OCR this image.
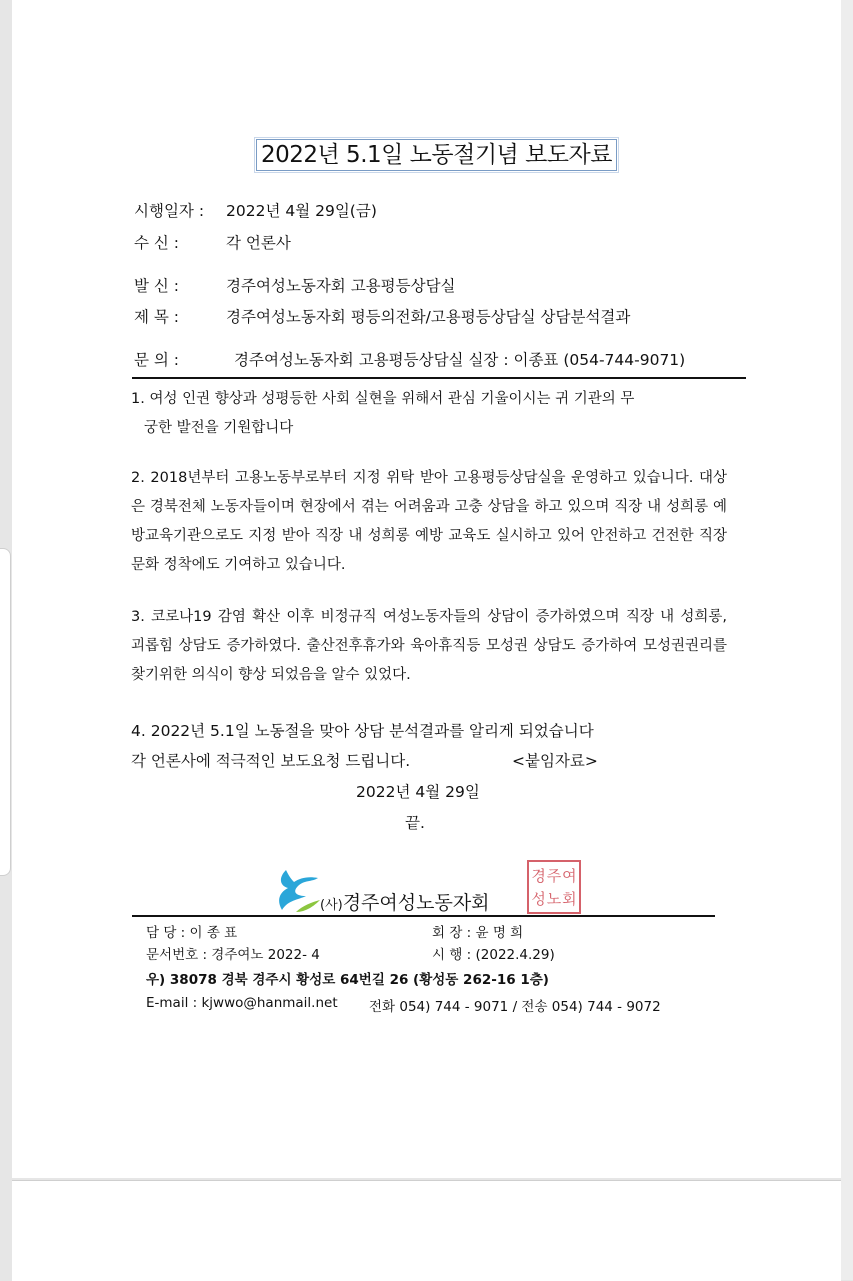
2022년 5.1일 노동절기념 보도자료
시행일자 : 2022년 4월 29일(금)
수 신 :	각 언론사
발 신 :	경주여성노동자회 고용평등상담실
제 목 :	경주여성노동자회 평등의전화/고용평등상담실 상담분석결과
문 의 :	경주여성노동자회 고용평등상담실 실장 : 이종표 (054-744-9071)
1. 여성 인권 향상과 성평등한 사회 실현을 위해서 관심 기울이시는 귀 기관의 무
궁한 발전을 기원합니다
2. 2018년부터 고용노동부로부터 지정 위탁 받아 고용평등상담실을 운영하고 있습니다. 대상은 경북전체 노동자들이며 현장에서 겪는 어려움과 고충 상담을 하고 있으며 직장 내 성희롱 예방교육기관으로도 지정 받아 직장 내 성희롱 예방 교육도 실시하고 있어 안전하고 건전한 직장문화 정착에도 기여하고 있습니다.
3. 코로나19 감염 확산 이후 비정규직 여성노동자들의 상담이 증가하였으며 직장 내 성희롱, 괴롭힘 상담도 증가하였다. 출산전후휴가와 육아휴직등 모성권 상담도 증가하여 모성권권리를 찾기위한 의식이 향상 되었음을 알수 있었다.
4. 2022년 5.1일 노동절을 맞아 상담 분석결과를 알리게 되었습니다
각 언론사에 적극적인 보도요청 드립니다.	<붙임자료>
2022년 4월 29일
끝.
(사)경주여성노동자회
경 주 여
성 노 회
담 당 : 이 종 표	회 장 : 윤 명 희
문서번호 : 경주여노 2022- 4	시 행 : (2022.4.29)
우) 38078 경북 경주시 황성로 64번길 26 (황성동 262-16 1층)
E-mail : kjwwo@hanmail.net 전화 054) 744 - 9071 / 전송 054) 744 - 9072
